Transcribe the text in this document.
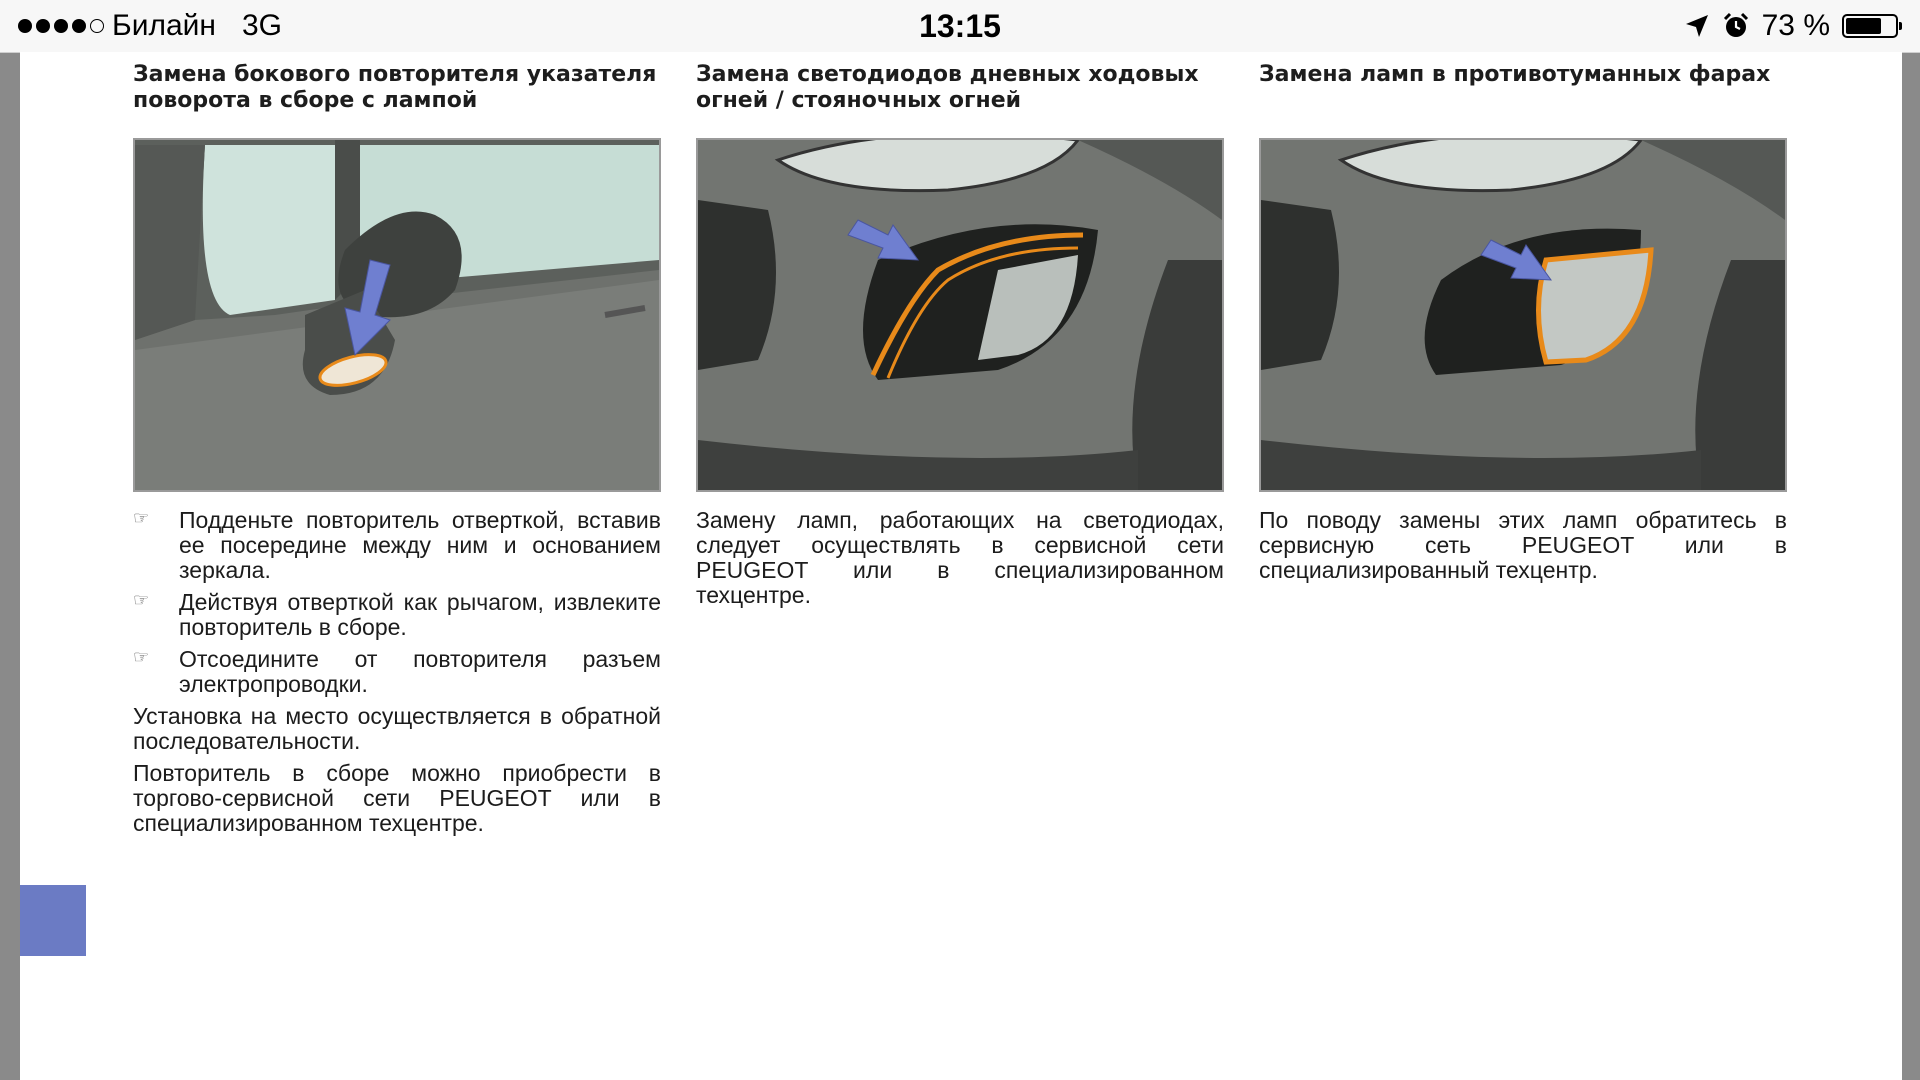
Билайн 3G	13:15	73 %
Замена бокового повторителя указателя поворота в сборе с лампой
☞ Подденьте повторитель отверткой, вставив ее посередине между ним и основанием зеркала.
☞ Действуя отверткой как рычагом, извлеките повторитель в сборе.
☞ Отсоедините от повторителя разъем электропроводки.

Установка на место осуществляется в обратной последовательности.

Повторитель в сборе можно приобрести в торгово-сервисной сети PEUGEOT или в специализированном техцентре.

Замена светодиодов дневных ходовых огней / стояночных огней

Замену ламп, работающих на светодиодах, следует осуществлять в сервисной сети PEUGEOT или в специализированном техцентре.

Замена ламп в противотуманных фарах

По поводу замены этих ламп обратитесь в сервисную сеть PEUGEOT или в специализированный техцентр.
